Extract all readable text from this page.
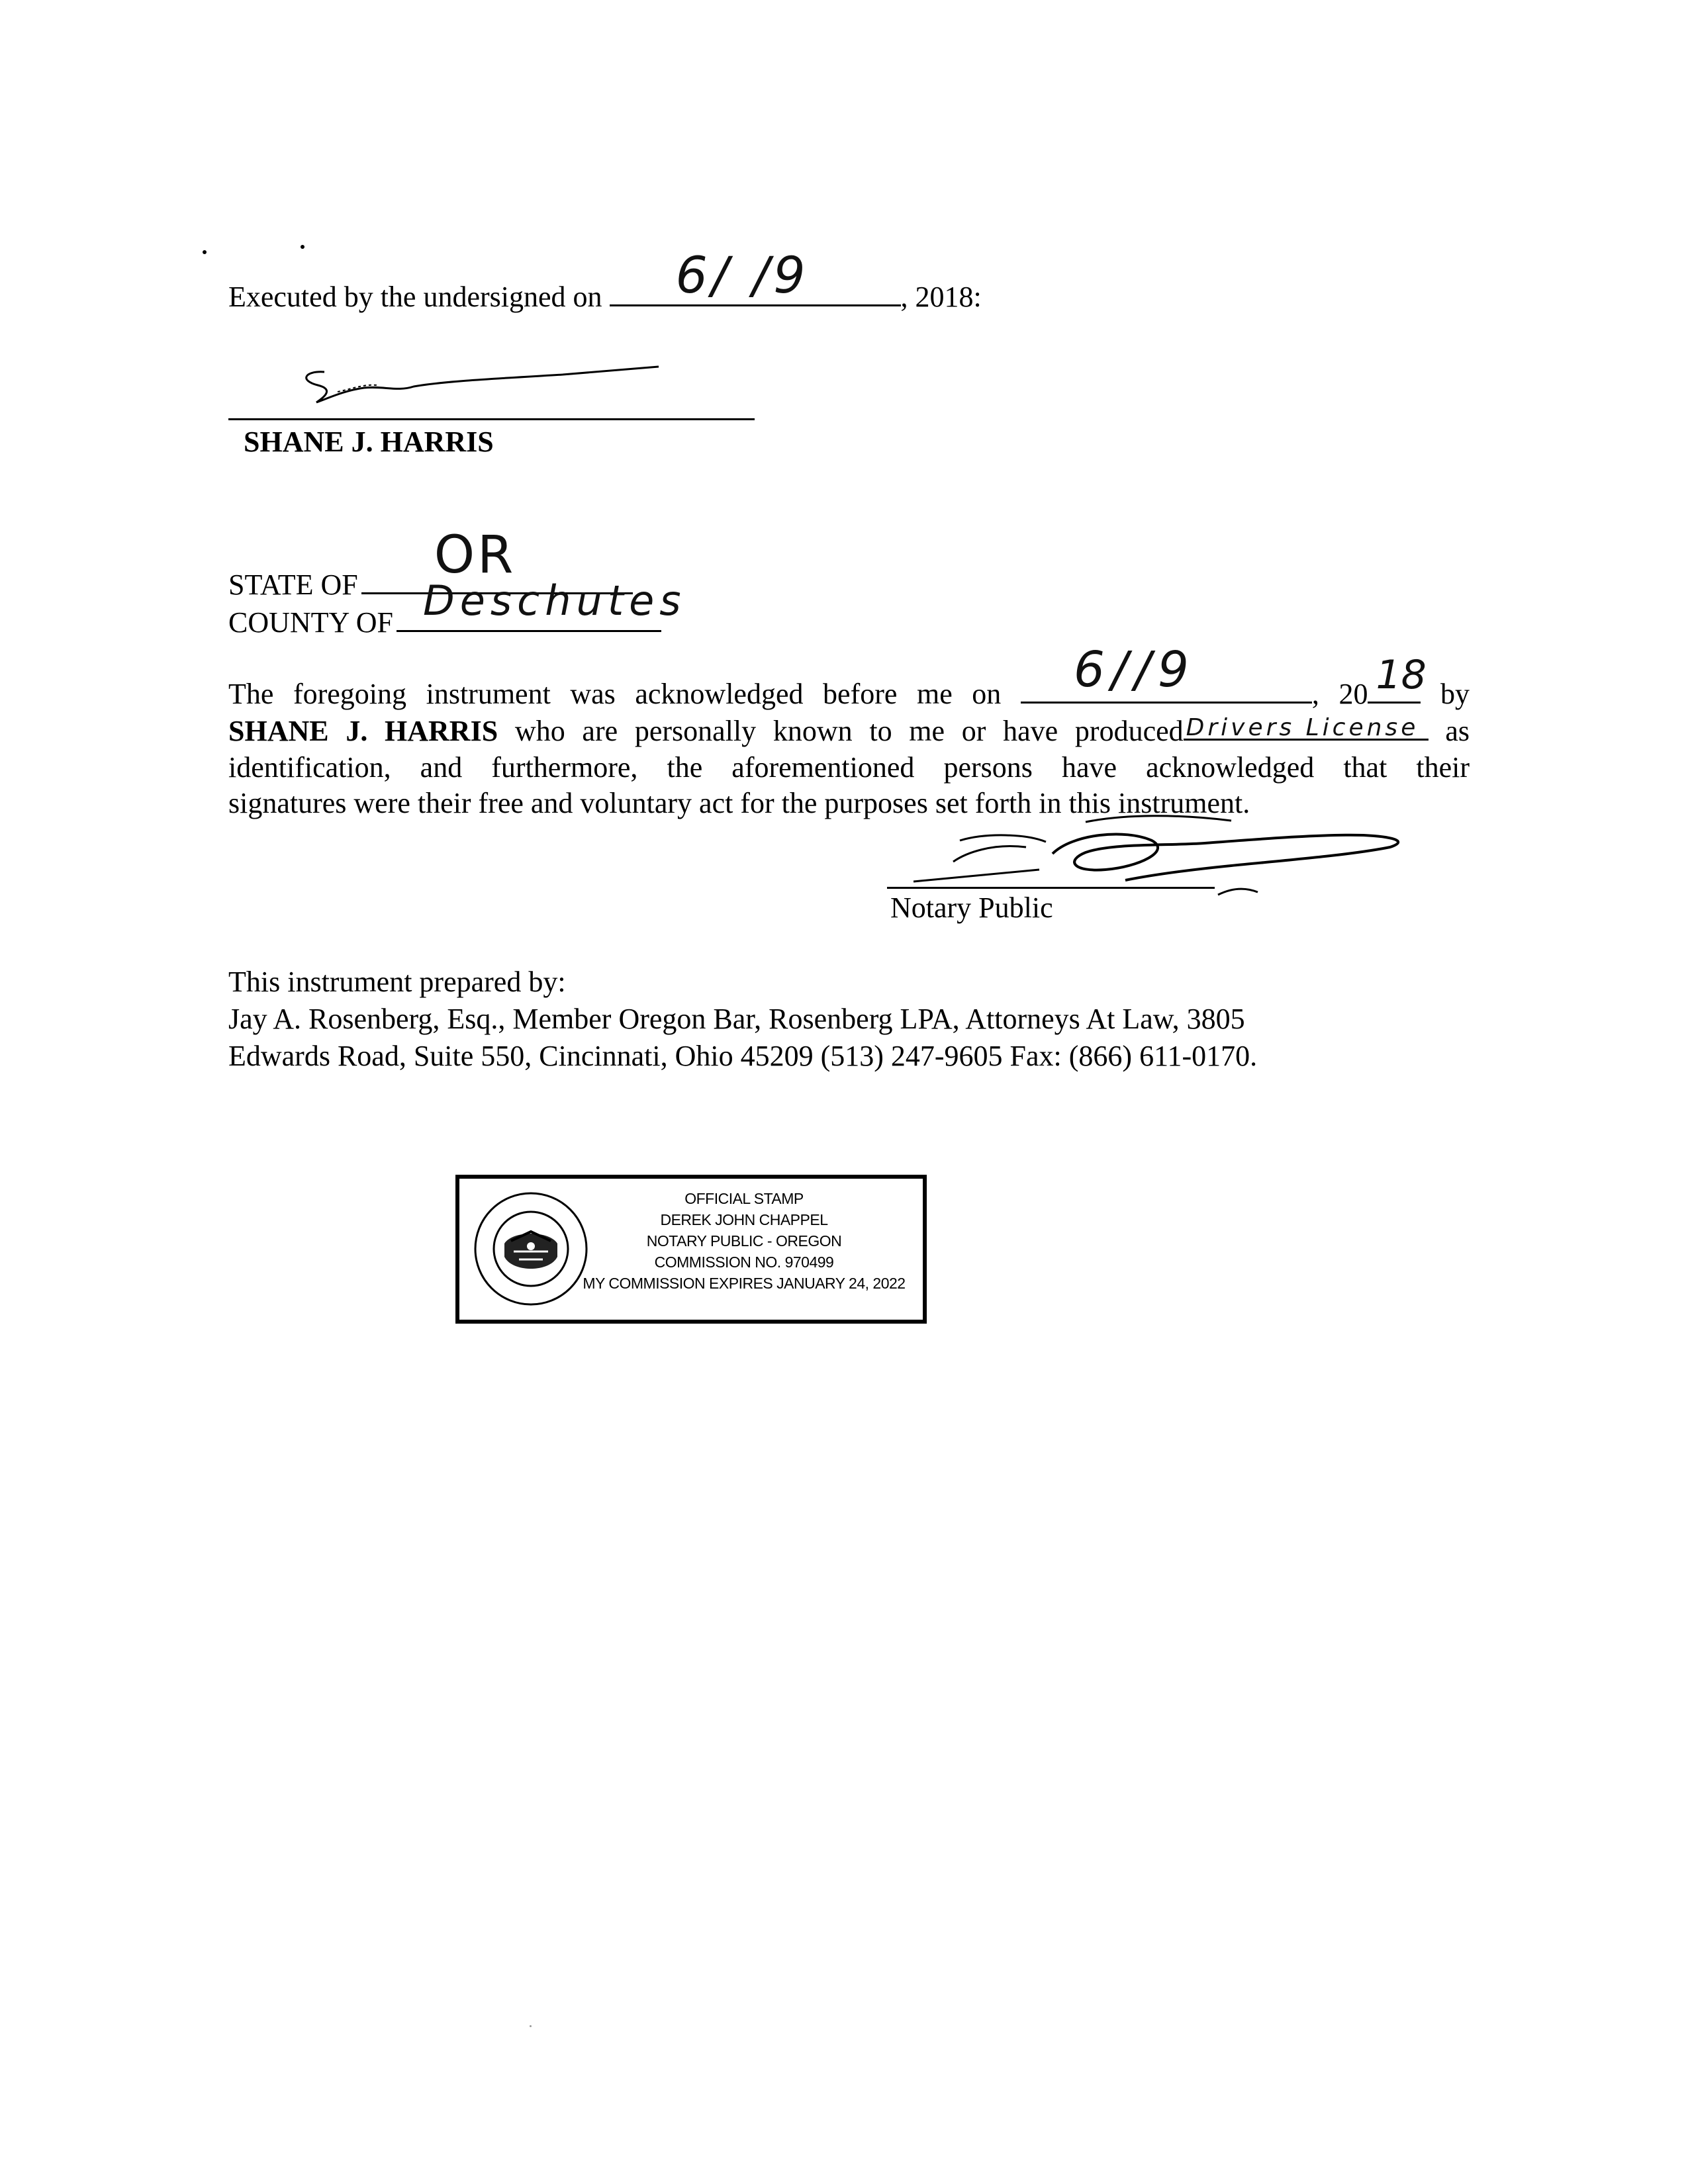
Executed by the undersigned on 6/ /9	, 2018:
SHANE J. HARRIS
STATE OF OR
COUNTY OF Deschutes
The foregoing instrument was acknowledged before me on 6//9	, 20 18 by
SHANE J. HARRIS who are personally known to me or have produced Drivers License as
identification, and furthermore, the aforementioned persons have acknowledged that their
signatures were their free and voluntary act for the purposes set forth in this instrument.
Notary Public
This instrument prepared by:
Jay A. Rosenberg, Esq., Member Oregon Bar, Rosenberg LPA, Attorneys At Law, 3805
Edwards Road, Suite 550, Cincinnati, Ohio 45209 (513) 247-9605 Fax: (866) 611-0170.
OFFICIAL STAMP
DEREK JOHN CHAPPEL
NOTARY PUBLIC - OREGON
COMMISSION NO. 970499
MY COMMISSION EXPIRES JANUARY 24, 2022
